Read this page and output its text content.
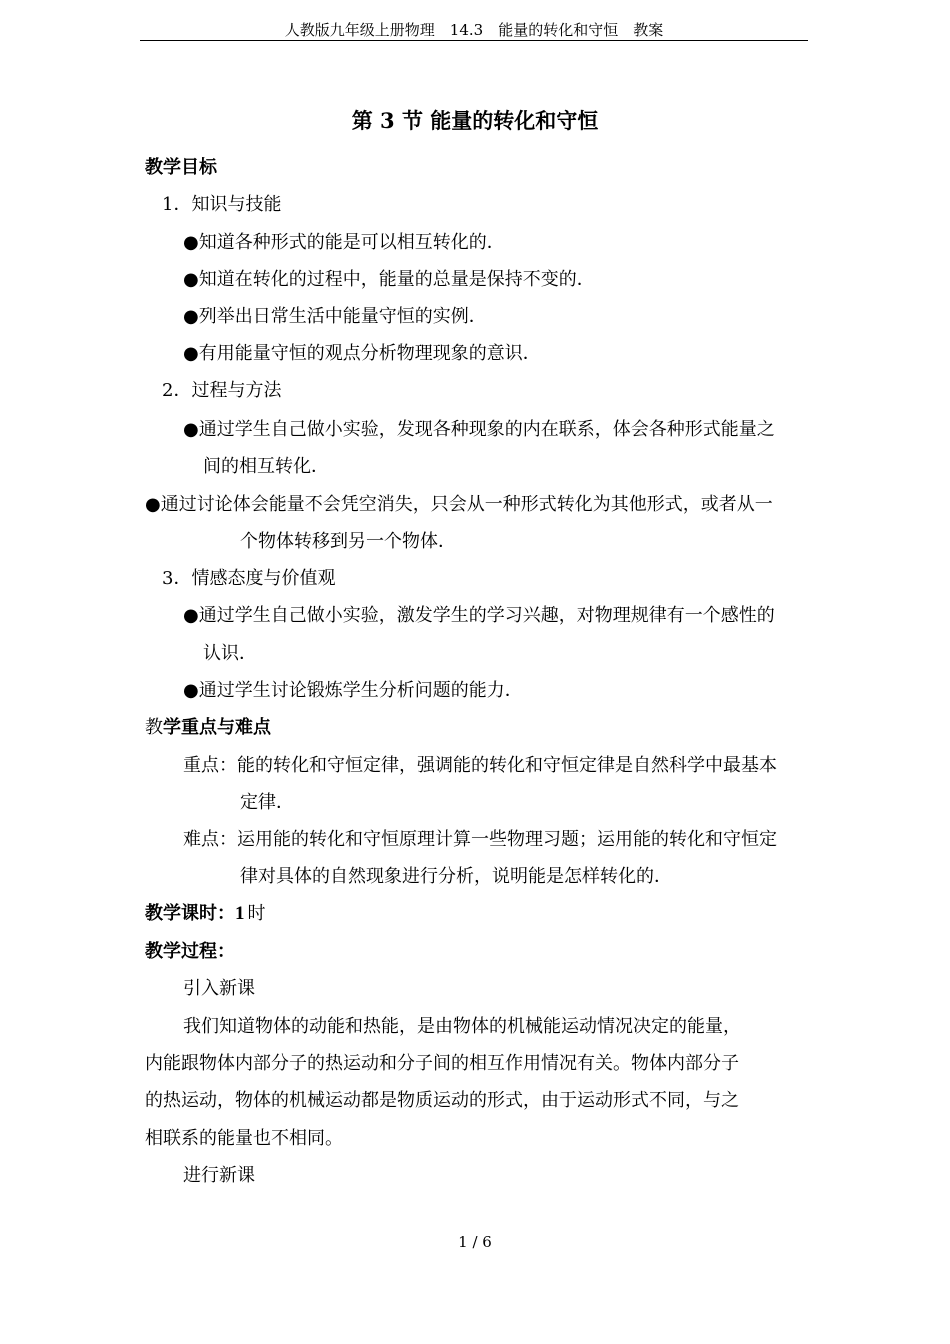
人教版九年级上册物理　14.3　能量的转化和守恒　教案
第 3 节 能量的转化和守恒
教学目标
1．知识与技能
●知道各种形式的能是可以相互转化的．
●知道在转化的过程中，能量的总量是保持不变的．
●列举出日常生活中能量守恒的实例．
●有用能量守恒的观点分析物理现象的意识．
2．过程与方法
●通过学生自己做小实验，发现各种现象的内在联系，体会各种形式能量之
间的相互转化．
●通过讨论体会能量不会凭空消失，只会从一种形式转化为其他形式，或者从一
个物体转移到另一个物体．
3．情感态度与价值观
●通过学生自己做小实验，激发学生的学习兴趣，对物理规律有一个感性的
认识．
●通过学生讨论锻炼学生分析问题的能力．
教学重点与难点
重点：能的转化和守恒定律，强调能的转化和守恒定律是自然科学中最基本
定律．
难点：运用能的转化和守恒原理计算一些物理习题；运用能的转化和守恒定
律对具体的自然现象进行分析，说明能是怎样转化的．
教学课时：1 时
教学过程：
引入新课
我们知道物体的动能和热能，是由物体的机械能运动情况决定的能量，
内能跟物体内部分子的热运动和分子间的相互作用情况有关。物体内部分子
的热运动，物体的机械运动都是物质运动的形式，由于运动形式不同，与之
相联系的能量也不相同。
进行新课
1 / 6
